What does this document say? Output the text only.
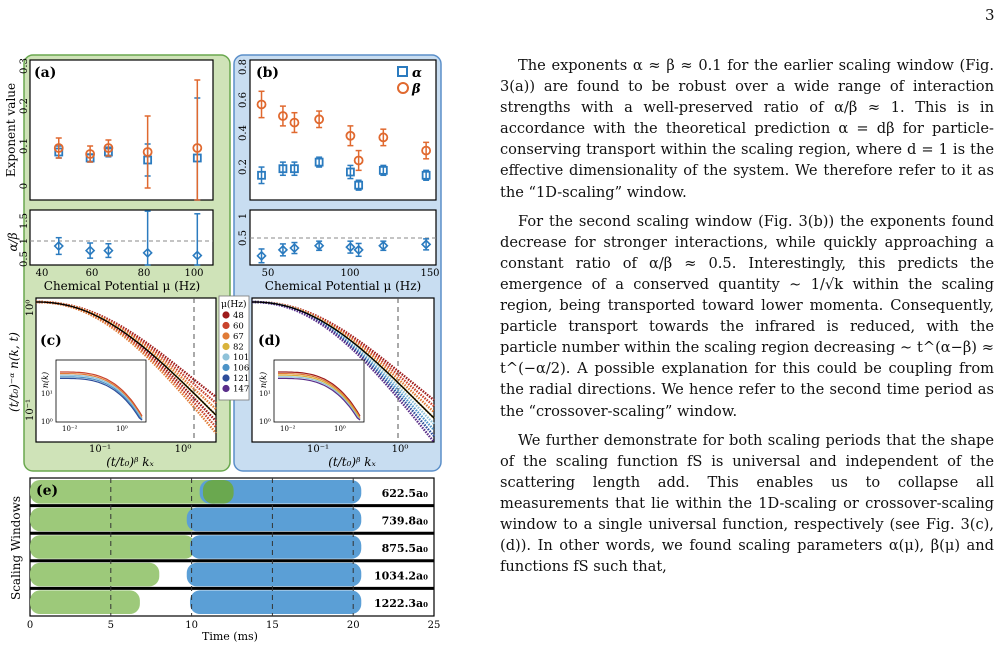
3
(a)
Exponent value
0
0.1
0.2
0.3
α/β
0.5
1
1.5
40	60	80	100
Chemical Potential μ (Hz)
(b)
0.2
0.4
0.6
0.8	α
β
0.5
1
50	100	150
Chemical Potential μ (Hz)
(t/t₀)⁻ᵅ n(k, t)
10⁰
10⁻¹
10⁻¹	10⁰
(t/t₀)ᵝ kₓ
(c)
n(k)
10¹
10⁰
10⁻²	10⁰
μ(Hz)
48
60
67
82
101
106
121
147
10⁻¹	10⁰
(t/t₀)ᵝ kₓ
(d)
n(k)
10¹
10⁰
10⁻²	10⁰
622.5a₀
739.8a₀
875.5a₀
1034.2a₀
1222.3a₀
(e)
Scaling Windows
0	5	10	15	20	25
Time (ms)

The exponents α ≈ β ≈ 0.1 for the earlier scaling window (Fig. 3(a)) are found to be robust over a wide range of interaction strengths with a well-preserved ratio of α/β ≈ 1. This is in accordance with the theoretical prediction α = dβ for particle-conserving transport within the scaling region, where d = 1 is the effective dimensionality of the system. We therefore refer to it as the “1D-scaling” window.

For the second scaling window (Fig. 3(b)) the exponents found decrease for stronger interactions, while quickly approaching a constant ratio of α/β ≈ 0.5. Interestingly, this predicts the emergence of a conserved quantity ∼ 1/√k within the scaling region, being transported toward lower momenta. Consequently, particle transport towards the infrared is reduced, with the particle number within the scaling region decreasing ∼ t^(α−β) ≈ t^(−α/2). A possible explanation for this could be coupling from the radial directions. We hence refer to the second time period as the “crossover-scaling” window.

We further demonstrate for both scaling periods that the shape of the scaling function fS is universal and independent of the scattering length add. This enables us to collapse all measurements that lie within the 1D-scaling or crossover-scaling window to a single universal function, respectively (see Fig. 3(c),(d)). In other words, we found scaling parameters α(μ), β(μ) and functions fS such that,
